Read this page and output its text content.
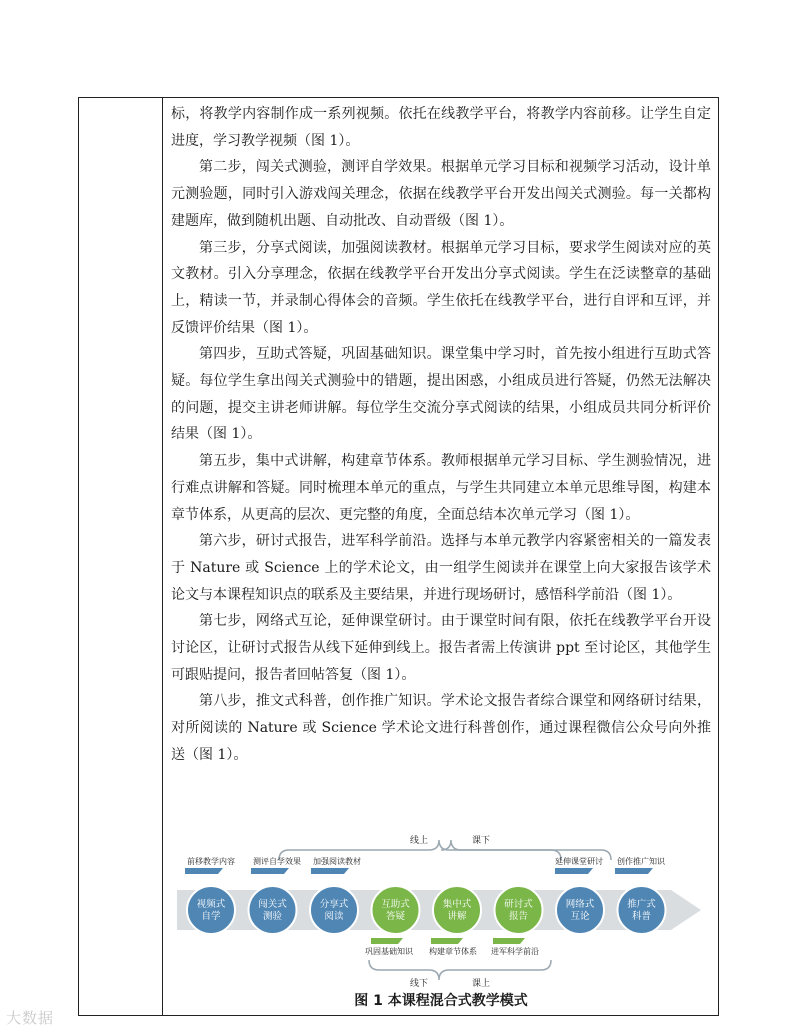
标，将教学内容制作成一系列视频。依托在线教学平台，将教学内容前移。让学生自定进度，学习教学视频（图 1）。

第二步，闯关式测验，测评自学效果。根据单元学习目标和视频学习活动，设计单元测验题，同时引入游戏闯关理念，依据在线教学平台开发出闯关式测验。每一关都构建题库，做到随机出题、自动批改、自动晋级（图 1）。

第三步，分享式阅读，加强阅读教材。根据单元学习目标，要求学生阅读对应的英文教材。引入分享理念，依据在线教学平台开发出分享式阅读。学生在泛读整章的基础上，精读一节，并录制心得体会的音频。学生依托在线教学平台，进行自评和互评，并反馈评价结果（图 1）。

第四步，互助式答疑，巩固基础知识。课堂集中学习时，首先按小组进行互助式答疑。每位学生拿出闯关式测验中的错题，提出困惑，小组成员进行答疑，仍然无法解决的问题，提交主讲老师讲解。每位学生交流分享式阅读的结果，小组成员共同分析评价结果（图 1）。

第五步，集中式讲解，构建章节体系。教师根据单元学习目标、学生测验情况，进行难点讲解和答疑。同时梳理本单元的重点，与学生共同建立本单元思维导图，构建本章节体系，从更高的层次、更完整的角度，全面总结本次单元学习（图 1）。

第六步，研讨式报告，进军科学前沿。选择与本单元教学内容紧密相关的一篇发表于 Nature 或 Science 上的学术论文，由一组学生阅读并在课堂上向大家报告该学术论文与本课程知识点的联系及主要结果，并进行现场研讨，感悟科学前沿（图 1）。

第七步，网络式互论，延伸课堂研讨。由于课堂时间有限，依托在线教学平台开设讨论区，让研讨式报告从线下延伸到线上。报告者需上传演讲 ppt 至讨论区，其他学生可跟贴提问，报告者回帖答复（图 1）。

第八步，推文式科普，创作推广知识。学术论文报告者综合课堂和网络研讨结果，对所阅读的 Nature 或 Science 学术论文进行科普创作，通过课程微信公众号向外推送（图 1）。

线上	课下
前移教学内容 测评自学效果 加强阅读教材	延伸课堂研讨 创作推广知识
视频式
自学
闯关式
测验
分享式
阅读
互助式
答疑
集中式
讲解
研讨式
报告
网络式
互论
推广式
科普
巩固基础知识 构建章节体系 进军科学前沿
线下	课上
图 1 本课程混合式教学模式
大数据
